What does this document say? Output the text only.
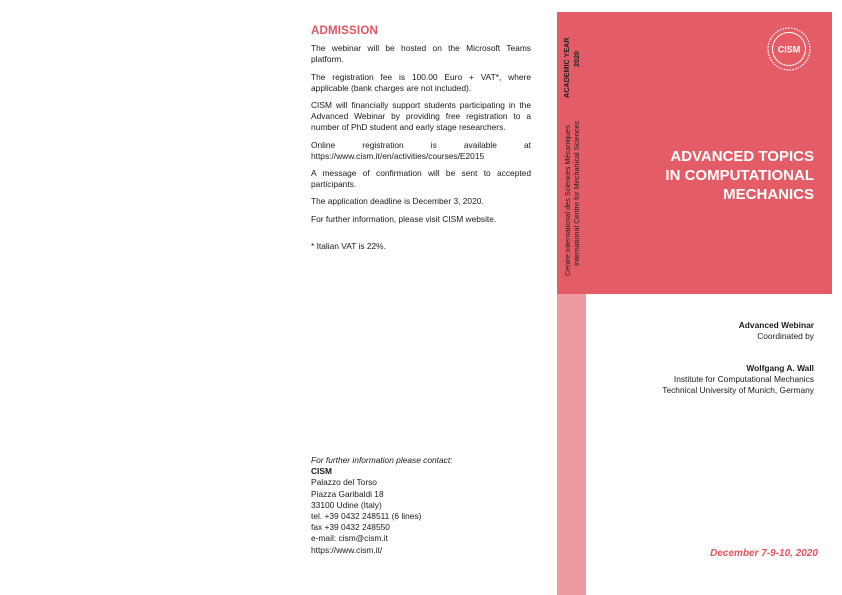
ADMISSION

The webinar will be hosted on the Microsoft Teams platform.

The registration fee is 100.00 Euro + VAT*, where applicable (bank charges are not included).

CISM will financially support students participating in the Advanced Webinar by providing free registration to a number of PhD student and early stage researchers.

Online registration is available at https://www.cism.it/en/activities/courses/E2015

A message of confirmation will be sent to accepted participants.

The application deadline is December 3, 2020.

For further information, please visit CISM website.

* Italian VAT is 22%.

For further information please contact:
CISM
Palazzo del Torso
Piazza Garibaldi 18
33100 Udine (Italy)
tel. +39 0432 248511 (6 lines)
fax +39 0432 248550
e-mail: cism@cism.it
https://www.cism.it/
ACADEMIC YEAR 2020
Centre International des Sciences Mécaniques International Centre for Mechanical Sciences
CISM
ADVANCED TOPICS
IN COMPUTATIONAL
MECHANICS
Advanced Webinar
Coordinated by
Wolfgang A. Wall
Institute for Computational Mechanics
Technical University of Munich, Germany
December 7-9-10, 2020
